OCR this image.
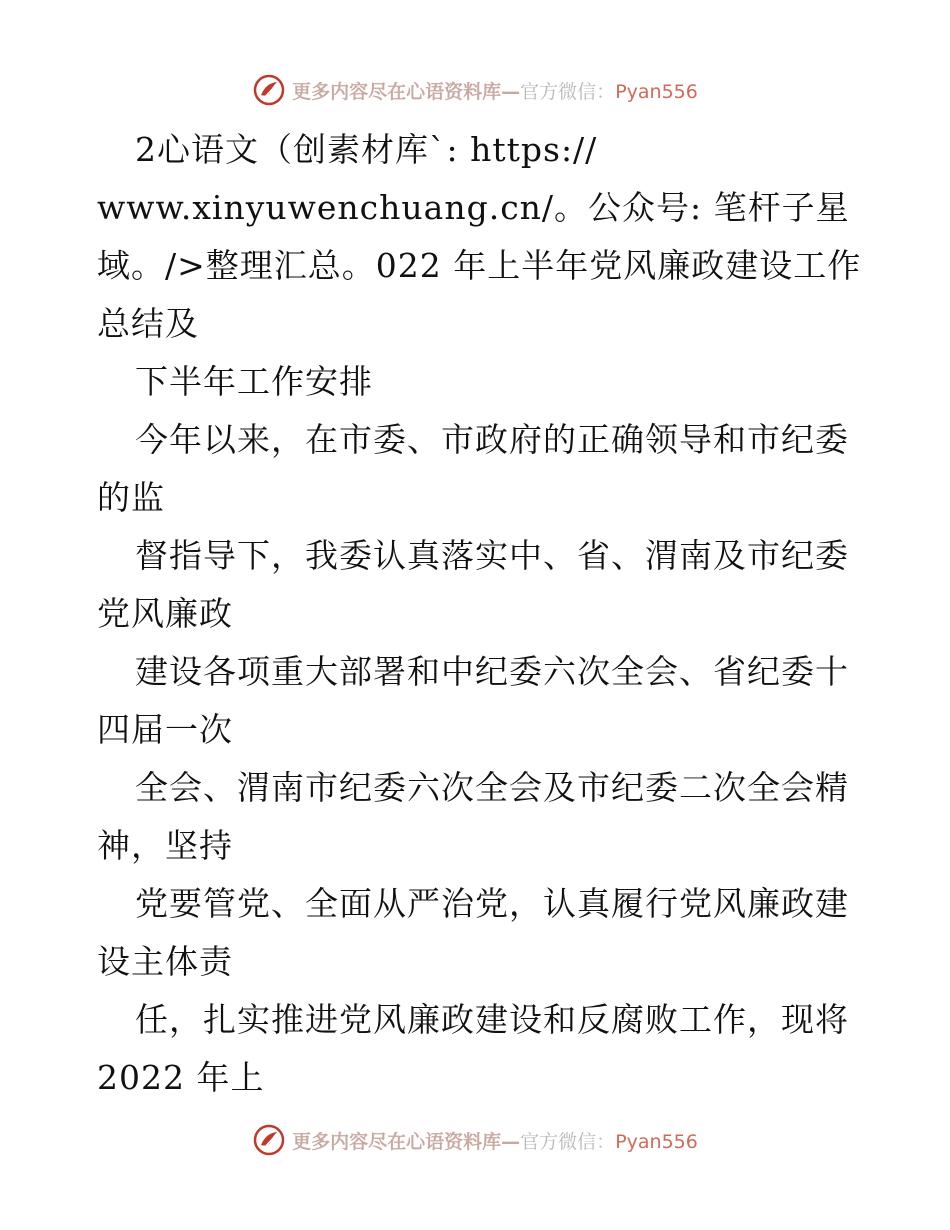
更多内容尽在心语资料库—官方微信：Pyan556
2心语文（创素材库`: https://
www.xinyuwenchuang.cn/。公众号: 笔杆子星
域。/>整理汇总。022 年上半年党风廉政建设工作
总结及
下半年工作安排
今年以来，在市委、市政府的正确领导和市纪委
的监
督指导下，我委认真落实中、省、渭南及市纪委
党风廉政
建设各项重大部署和中纪委六次全会、省纪委十
四届一次
全会、渭南市纪委六次全会及市纪委二次全会精
神，坚持
党要管党、全面从严治党，认真履行党风廉政建
设主体责
任，扎实推进党风廉政建设和反腐败工作，现将
2022 年上
更多内容尽在心语资料库—官方微信：Pyan556
